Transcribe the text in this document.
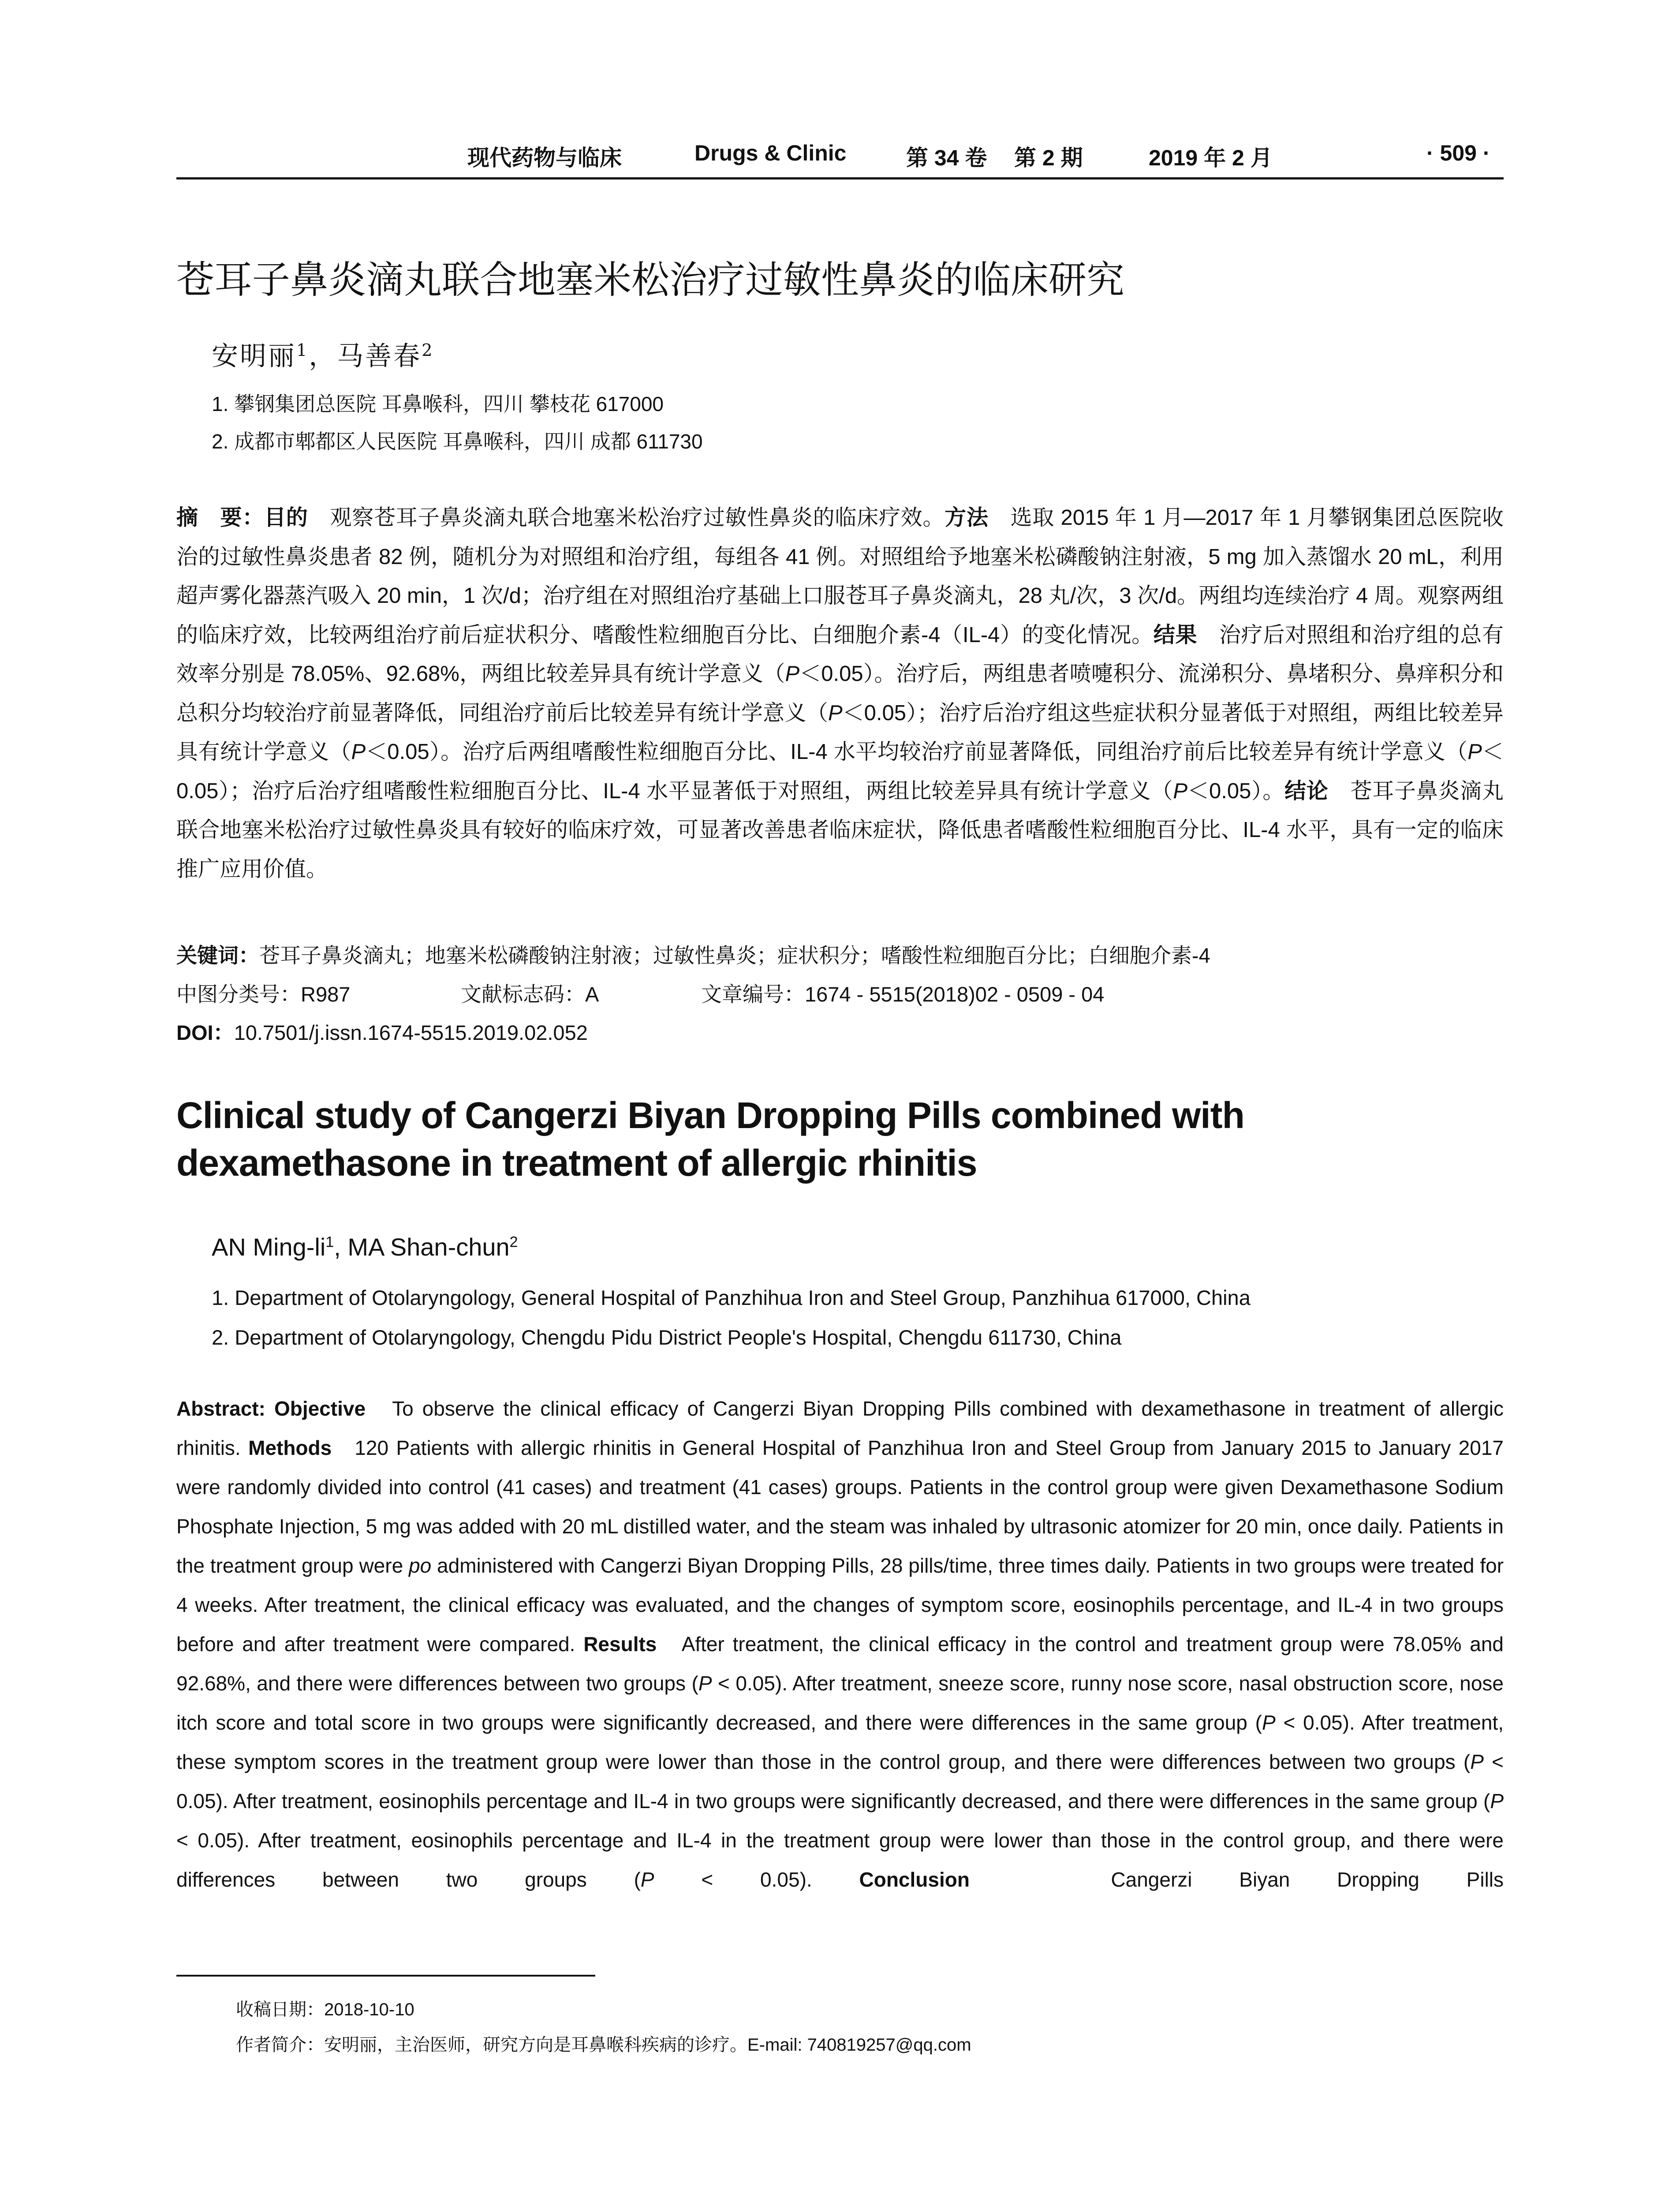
现代药物与临床	Drugs & Clinic	第 34 卷 第 2 期	2019 年 2 月	· 509 ·
苍耳子鼻炎滴丸联合地塞米松治疗过敏性鼻炎的临床研究
安明丽$^1$，马善春$^2$
1. 攀钢集团总医院 耳鼻喉科，四川 攀枝花 617000
2. 成都市郫都区人民医院 耳鼻喉科，四川 成都 611730
摘　要：目的　观察苍耳子鼻炎滴丸联合地塞米松治疗过敏性鼻炎的临床疗效。方法　选取 2015 年 1 月—2017 年 1 月攀钢集团总医院收治的过敏性鼻炎患者 82 例，随机分为对照组和治疗组，每组各 41 例。对照组给予地塞米松磷酸钠注射液，5 mg 加入蒸馏水 20 mL，利用超声雾化器蒸汽吸入 20 min，1 次/d；治疗组在对照组治疗基础上口服苍耳子鼻炎滴丸，28 丸/次，3 次/d。两组均连续治疗 4 周。观察两组的临床疗效，比较两组治疗前后症状积分、嗜酸性粒细胞百分比、白细胞介素-4（IL-4）的变化情况。结果　治疗后对照组和治疗组的总有效率分别是 78.05%、92.68%，两组比较差异具有统计学意义（P＜0.05）。治疗后，两组患者喷嚏积分、流涕积分、鼻堵积分、鼻痒积分和总积分均较治疗前显著降低，同组治疗前后比较差异有统计学意义（P＜0.05）；治疗后治疗组这些症状积分显著低于对照组，两组比较差异具有统计学意义（P＜0.05）。治疗后两组嗜酸性粒细胞百分比、IL-4 水平均较治疗前显著降低，同组治疗前后比较差异有统计学意义（P＜0.05）；治疗后治疗组嗜酸性粒细胞百分比、IL-4 水平显著低于对照组，两组比较差异具有统计学意义（P＜0.05）。结论　苍耳子鼻炎滴丸联合地塞米松治疗过敏性鼻炎具有较好的临床疗效，可显著改善患者临床症状，降低患者嗜酸性粒细胞百分比、IL-4 水平，具有一定的临床推广应用价值。
关键词：苍耳子鼻炎滴丸；地塞米松磷酸钠注射液；过敏性鼻炎；症状积分；嗜酸性粒细胞百分比；白细胞介素-4
中图分类号：R987	文献标志码：A	文章编号：1674 - 5515(2018)02 - 0509 - 04
DOI：10.7501/j.issn.1674-5515.2019.02.052
Clinical study of Cangerzi Biyan Dropping Pills combined with dexamethasone in treatment of allergic rhinitis
AN Ming-$li^1$, MA Shan-chun$^2$
1. Department of Otolaryngology, General Hospital of Panzhihua Iron and Steel Group, Panzhihua 617000, China
2. Department of Otolaryngology, Chengdu Pidu District People's Hospital, Chengdu 611730, China

Abstract: Objective To observe the clinical efficacy of Cangerzi Biyan Dropping Pills combined with dexamethasone in treatment of allergic rhinitis. Methods 120 Patients with allergic rhinitis in General Hospital of Panzhihua Iron and Steel Group from January 2015 to January 2017 were randomly divided into control (41 cases) and treatment (41 cases) groups. Patients in the control group were given Dexamethasone Sodium Phosphate Injection, 5 mg was added with 20 mL distilled water, and the steam was inhaled by ultrasonic atomizer for 20 min, once daily. Patients in the treatment group were po administered with Cangerzi Biyan Dropping Pills, 28 pills/time, three times daily. Patients in two groups were treated for 4 weeks. After treatment, the clinical efficacy was evaluated, and the changes of symptom score, eosinophils percentage, and IL-4 in two groups before and after treatment were compared. Results After treatment, the clinical efficacy in the control and treatment group were 78.05% and 92.68%, and there were differences between two groups (P < 0.05). After treatment, sneeze score, runny nose score, nasal obstruction score, nose itch score and total score in two groups were significantly decreased, and there were differences in the same group (P < 0.05). After treatment, these symptom scores in the treatment group were lower than those in the control group, and there were differences between two groups (P < 0.05). After treatment, eosinophils percentage and IL-4 in two groups were significantly decreased, and there were differences in the same group (P < 0.05). After treatment, eosinophils percentage and IL-4 in the treatment group were lower than those in the control group, and there were differences between two groups (P < 0.05). Conclusion	Cangerzi Biyan Dropping Pills

收稿日期：2018-10-10
作者简介：安明丽，主治医师，研究方向是耳鼻喉科疾病的诊疗。E-mail: 740819257@qq.com
